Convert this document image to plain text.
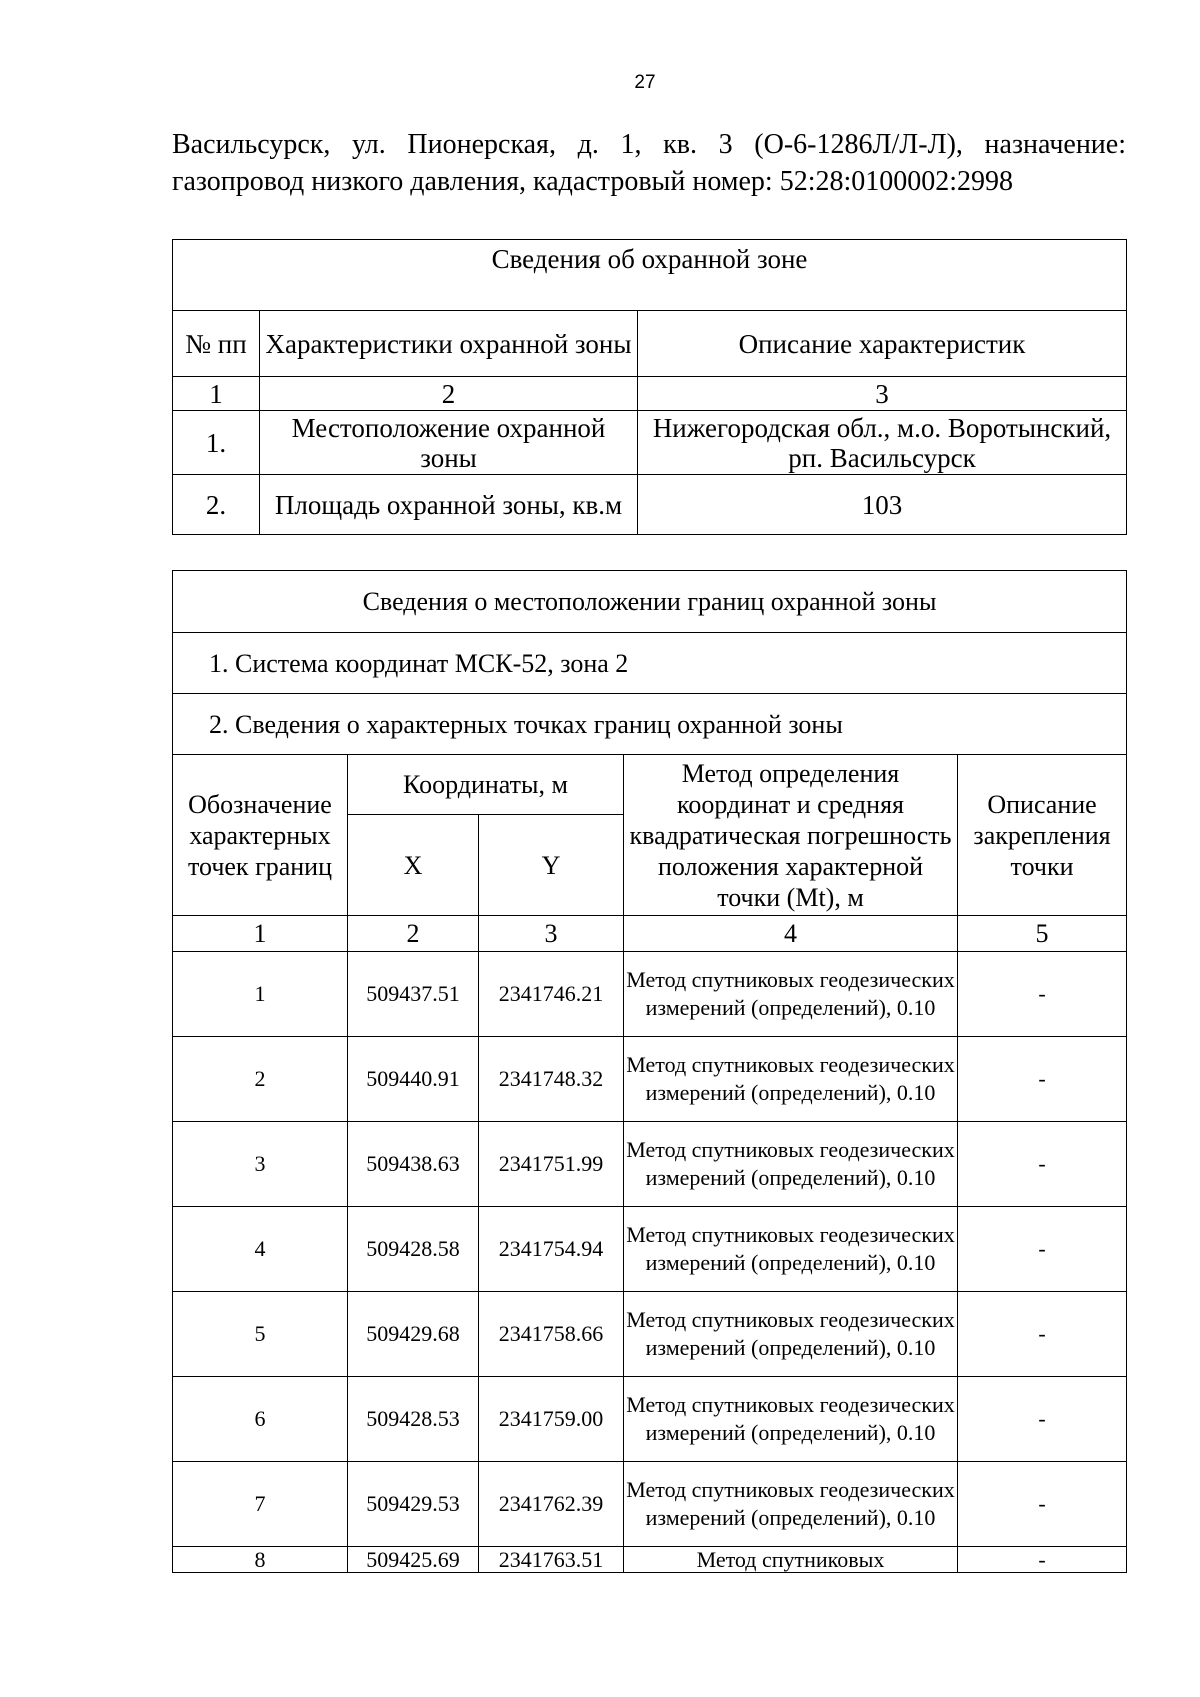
27
Васильсурск, ул. Пионерская, д. 1, кв. 3 (О-6-1286Л/Л-Л), назначение:
газопровод низкого давления, кадастровый номер: 52:28:0100002:2998
Сведения об охранной зоне		
№ пп	Характеристики охранной зоны	Описание характеристик
1	2	3
1.	Местоположение охранной зоны	Нижегородская обл., м.о. Воротынский, рп. Васильсурск
2.	Площадь охранной зоны, кв.м	103
Сведения о местоположении границ охранной зоны				
1. Система координат МСК-52, зона 2				
2. Сведения о характерных точках границ охранной зоны				
Обозначение характерных точек границ	Координаты, м		Метод определения координат и средняя квадратическая погрешность положения характерной точки (Mt), м	Описание закрепления точки
	X	Y		
1	2	3	4	5
1	509437.51	2341746.21	Метод спутниковых геодезических измерений (определений), 0.10	-
2	509440.91	2341748.32	Метод спутниковых геодезических измерений (определений), 0.10	-
3	509438.63	2341751.99	Метод спутниковых геодезических измерений (определений), 0.10	-
4	509428.58	2341754.94	Метод спутниковых геодезических измерений (определений), 0.10	-
5	509429.68	2341758.66	Метод спутниковых геодезических измерений (определений), 0.10	-
6	509428.53	2341759.00	Метод спутниковых геодезических измерений (определений), 0.10	-
7	509429.53	2341762.39	Метод спутниковых геодезических измерений (определений), 0.10	-
8	509425.69	2341763.51	Метод спутниковых	-
